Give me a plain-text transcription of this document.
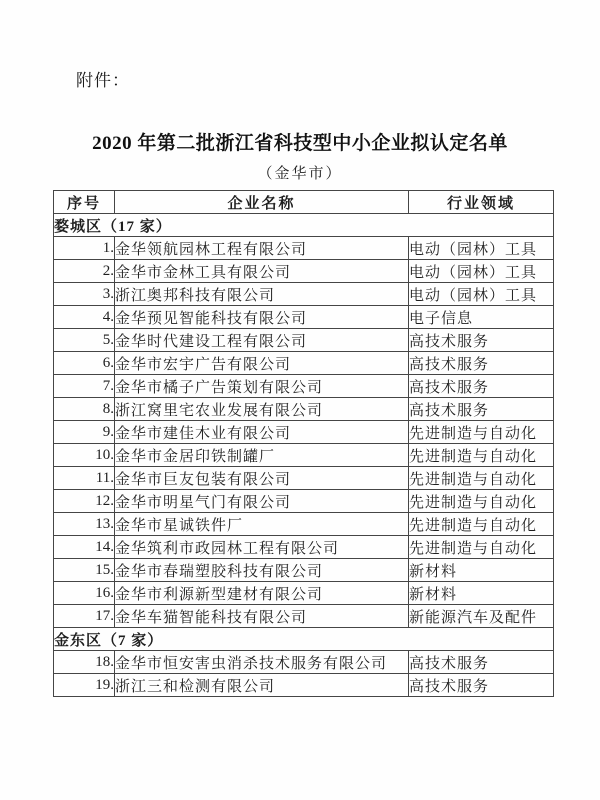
附件：
2020 年第二批浙江省科技型中小企业拟认定名单
（金华市）
序号	企业名称	行业领域
婺城区（17 家）		
1.	金华领航园林工程有限公司	电动（园林）工具
2.	金华市金林工具有限公司	电动（园林）工具
3.	浙江奥邦科技有限公司	电动（园林）工具
4.	金华预见智能科技有限公司	电子信息
5.	金华时代建设工程有限公司	高技术服务
6.	金华市宏宇广告有限公司	高技术服务
7.	金华市橘子广告策划有限公司	高技术服务
8.	浙江窝里宅农业发展有限公司	高技术服务
9.	金华市建佳木业有限公司	先进制造与自动化
10.	金华市金居印铁制罐厂	先进制造与自动化
11.	金华市巨友包装有限公司	先进制造与自动化
12.	金华市明星气门有限公司	先进制造与自动化
13.	金华市星诚铁件厂	先进制造与自动化
14.	金华筑利市政园林工程有限公司	先进制造与自动化
15.	金华市春瑞塑胶科技有限公司	新材料
16.	金华市利源新型建材有限公司	新材料
17.	金华车猫智能科技有限公司	新能源汽车及配件
金东区（7 家）		
18.	金华市恒安害虫消杀技术服务有限公司	高技术服务
19.	浙江三和检测有限公司	高技术服务
